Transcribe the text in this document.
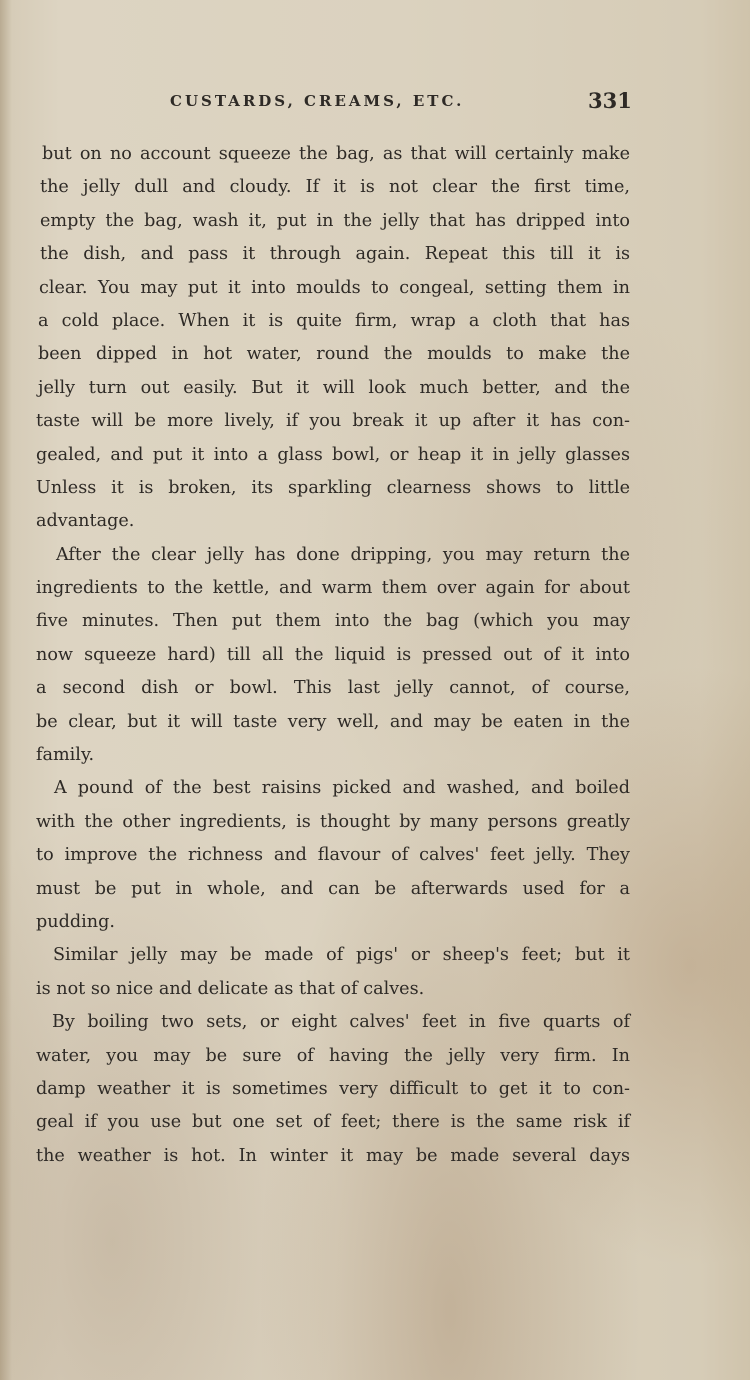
CUSTARDS, CREAMS, ETC.	331
but on no account squeeze the bag, as that will certainly make
the jelly dull and cloudy. If it is not clear the first time,
empty the bag, wash it, put in the jelly that has dripped into
the dish, and pass it through again. Repeat this till it is
clear. You may put it into moulds to congeal, setting them in
a cold place. When it is quite firm, wrap a cloth that has
been dipped in hot water, round the moulds to make the
jelly turn out easily. But it will look much better, and the
taste will be more lively, if you break it up after it has con-
gealed, and put it into a glass bowl, or heap it in jelly glasses
Unless it is broken, its sparkling clearness shows to little
advantage.
After the clear jelly has done dripping, you may return the
ingredients to the kettle, and warm them over again for about
five minutes. Then put them into the bag (which you may
now squeeze hard) till all the liquid is pressed out of it into
a second dish or bowl. This last jelly cannot, of course,
be clear, but it will taste very well, and may be eaten in the
family.
A pound of the best raisins picked and washed, and boiled
with the other ingredients, is thought by many persons greatly
to improve the richness and flavour of calves' feet jelly. They
must be put in whole, and can be afterwards used for a
pudding.
Similar jelly may be made of pigs' or sheep's feet; but it
is not so nice and delicate as that of calves.
By boiling two sets, or eight calves' feet in five quarts of
water, you may be sure of having the jelly very firm. In
damp weather it is sometimes very difficult to get it to con-
geal if you use but one set of feet; there is the same risk if
the weather is hot. In winter it may be made several days
